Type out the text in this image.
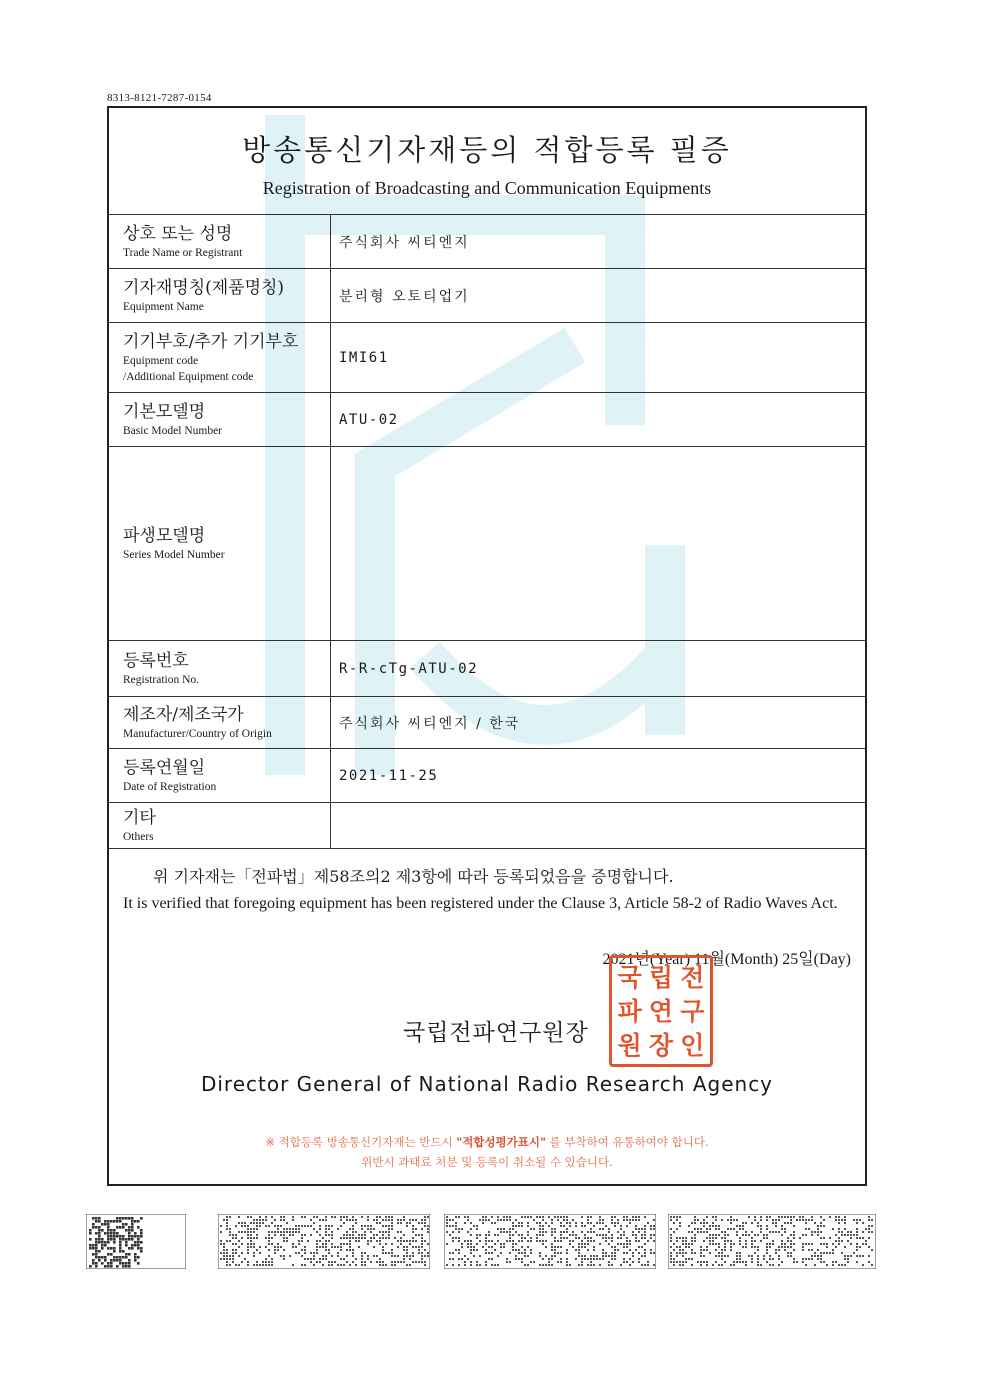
8313-8121-7287-0154
방송통신기자재등의 적합등록 필증
Registration of Broadcasting and Communication Equipments
상호 또는 성명
Trade Name or Registrant
주식회사 씨티엔지
기자재명칭(제품명칭)
Equipment Name
분리형 오토티업기
기기부호/추가 기기부호
Equipment code
/Additional Equipment code
IMI61
기본모델명
Basic Model Number
ATU-02
파생모델명
Series Model Number
등록번호
Registration No.
R-R-cTg-ATU-02
제조자/제조국가
Manufacturer/Country of Origin
주식회사 씨티엔지 / 한국
등록연월일
Date of Registration
2021-11-25
기타
Others
위 기자재는「전파법」제58조의2 제3항에 따라 등록되었음을 증명합니다.
It is verified that foregoing equipment has been registered under the Clause 3, Article 58-2 of Radio Waves Act.
2021년(Year) 11월(Month) 25일(Day)
국립전파연구원장
국 립 전
파 연 구
원 장 인
Director General of National Radio Research Agency
※ 적합등록 방송통신기자재는 반드시 "적합성평가표시" 를 부착하여 유통하여야 합니다.
위반시 과태료 처분 및 등록이 취소될 수 있습니다.
